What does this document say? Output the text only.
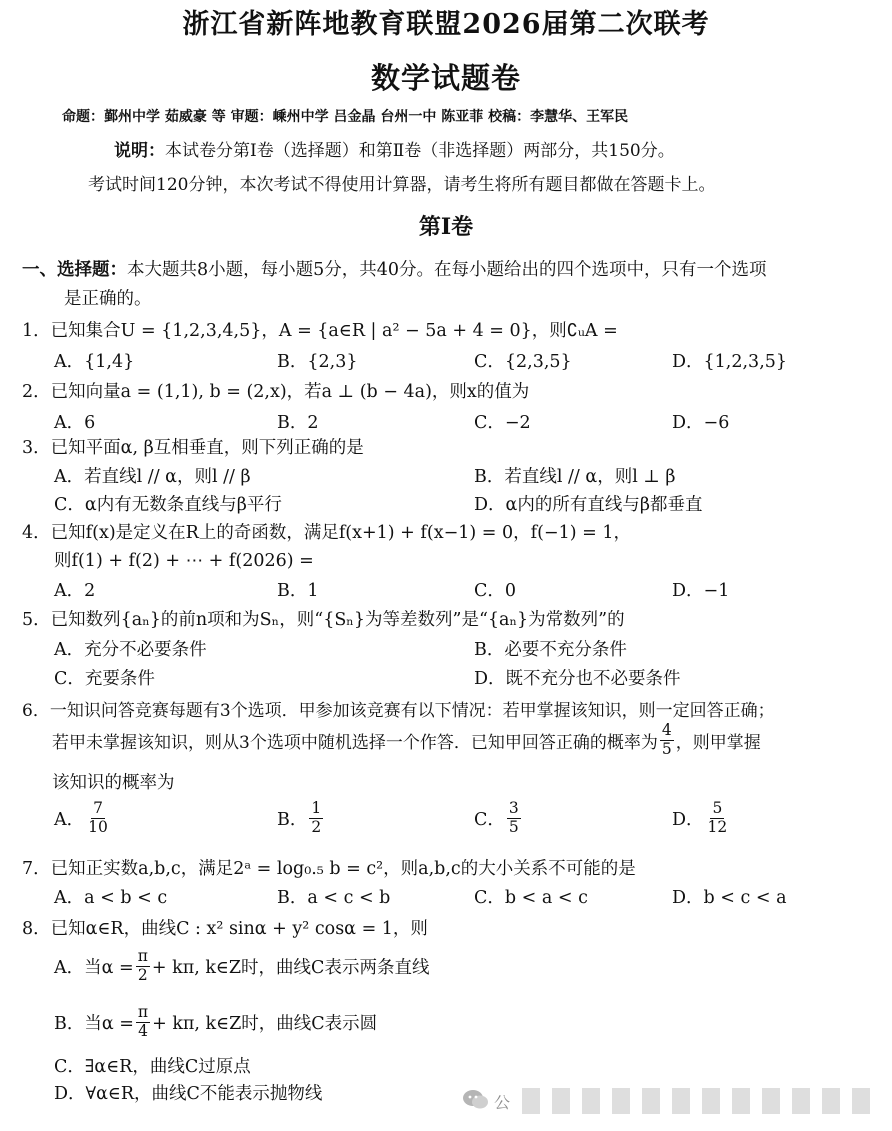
浙江省新阵地教育联盟2026届第二次联考
数学试题卷
命题：鄞州中学 茹威豪 等 审题：嵊州中学 吕金晶 台州一中 陈亚菲 校稿：李慧华、王军民
说明：本试卷分第Ⅰ卷（选择题）和第Ⅱ卷（非选择题）两部分，共150分。
考试时间120分钟，本次考试不得使用计算器，请考生将所有题目都做在答题卡上。
第Ⅰ卷
一、选择题：本大题共8小题，每小题5分，共40分。在每小题给出的四个选项中，只有一个选项
是正确的。
1．已知集合U = {1,2,3,4,5}，A = {a∈R | a² − 5a + 4 = 0}，则∁ᵤA =
A．{1,4}	B．{2,3}	C．{2,3,5}	D．{1,2,3,5}
2．已知向量a = (1,1), b = (2,x)，若a ⊥ (b − 4a)，则x的值为
A．6	B．2	C．−2	D．−6
3．已知平面α, β互相垂直，则下列正确的是
A．若直线l // α，则l // β	B．若直线l // α，则l ⊥ β
C．α内有无数条直线与β平行	D．α内的所有直线与β都垂直
4．已知f(x)是定义在R上的奇函数，满足f(x+1) + f(x−1) = 0，f(−1) = 1，
则f(1) + f(2) + ⋯ + f(2026) =
A．2	B．1	C．0	D．−1
5．已知数列{aₙ}的前n项和为Sₙ，则“{Sₙ}为等差数列”是“{aₙ}为常数列”的
A．充分不必要条件	B．必要不充分条件
C．充要条件	D．既不充分也不必要条件
6．一知识问答竞赛每题有3个选项．甲参加该竞赛有以下情况：若甲掌握该知识，则一定回答正确；
若甲未掌握该知识，则从3个选项中随机选择一个作答．已知甲回答正确的概率为 $\frac{4}{5}$ ，则甲掌握
该知识的概率为
A． $\frac{7}{10}$	B． $\frac{1}{2}$	C． $\frac{3}{5}$	D． $\frac{5}{12}$
7．已知正实数a,b,c，满足2ᵃ = log₀.₅ b = c²，则a,b,c的大小关系不可能的是
A．a < b < c	B．a < c < b	C．b < a < c	D．b < c < a
8．已知α∈R，曲线C : x² sinα + y² cosα = 1，则
A．当$\alpha = \frac{\pi}{2} + k\pi$, k∈Z时，曲线C表示两条直线
B．当$\alpha = \frac{\pi}{4} + k\pi$, k∈Z时，曲线C表示圆
C．∃α∈R，曲线C过原点
D．∀α∈R，曲线C不能表示抛物线	公
